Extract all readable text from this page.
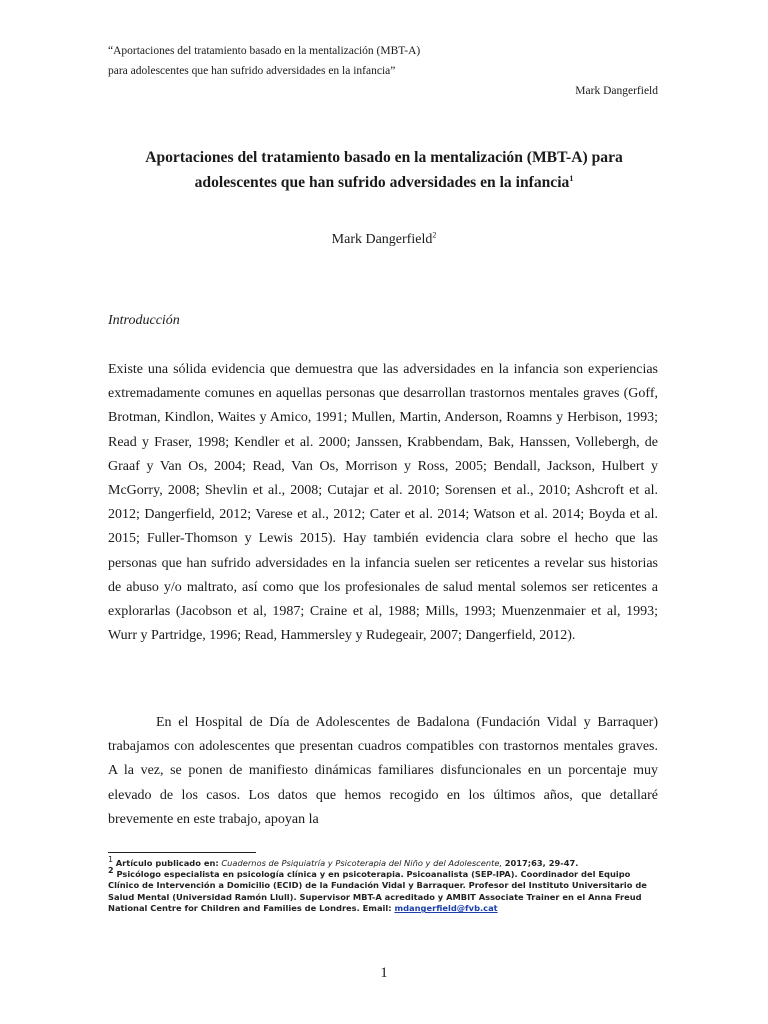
“Aportaciones del tratamiento basado en la mentalización (MBT-A)
para adolescentes que han sufrido adversidades en la infancia”
Mark Dangerfield
Aportaciones del tratamiento basado en la mentalización (MBT-A) para
adolescentes que han sufrido adversidades en la infancia$^1$
Mark Dangerfield$^2$
Introducción

Existe una sólida evidencia que demuestra que las adversidades en la infancia son experiencias extremadamente comunes en aquellas personas que desarrollan trastornos mentales graves (Goff, Brotman, Kindlon, Waites y Amico, 1991; Mullen, Martin, Anderson, Roamns y Herbison, 1993; Read y Fraser, 1998; Kendler et al. 2000; Janssen, Krabbendam, Bak, Hanssen, Vollebergh, de Graaf y Van Os, 2004; Read, Van Os, Morrison y Ross, 2005; Bendall, Jackson, Hulbert y McGorry, 2008; Shevlin et al., 2008; Cutajar et al. 2010; Sorensen et al., 2010; Ashcroft et al. 2012; Dangerfield, 2012; Varese et al., 2012; Cater et al. 2014; Watson et al. 2014; Boyda et al. 2015; Fuller-Thomson y Lewis 2015). Hay también evidencia clara sobre el hecho que las personas que han sufrido adversidades en la infancia suelen ser reticentes a revelar sus historias de abuso y/o maltrato, así como que los profesionales de salud mental solemos ser reticentes a explorarlas (Jacobson et al, 1987; Craine et al, 1988; Mills, 1993; Muenzenmaier et al, 1993; Wurr y Partridge, 1996; Read, Hammersley y Rudegeair, 2007; Dangerfield, 2012).

En el Hospital de Día de Adolescentes de Badalona (Fundación Vidal y Barraquer) trabajamos con adolescentes que presentan cuadros compatibles con trastornos mentales graves. A la vez, se ponen de manifiesto dinámicas familiares disfuncionales en un porcentaje muy elevado de los casos. Los datos que hemos recogido en los últimos años, que detallaré brevemente en este trabajo, apoyan la

$^1$ Artículo publicado en: Cuadernos de Psiquiatría y Psicoterapia del Niño y del Adolescente, 2017;63, 29-47.
$^2$ Psicólogo especialista en psicología clínica y en psicoterapia. Psicoanalista (SEP-IPA). Coordinador del Equipo Clínico de Intervención a Domicilio (ECID) de la Fundación Vidal y Barraquer. Profesor del Instituto Universitario de Salud Mental (Universidad Ramón Llull). Supervisor MBT-A acreditado y AMBIT Associate Trainer en el Anna Freud National Centre for Children and Families de Londres. Email: mdangerfield@fvb.cat
1
